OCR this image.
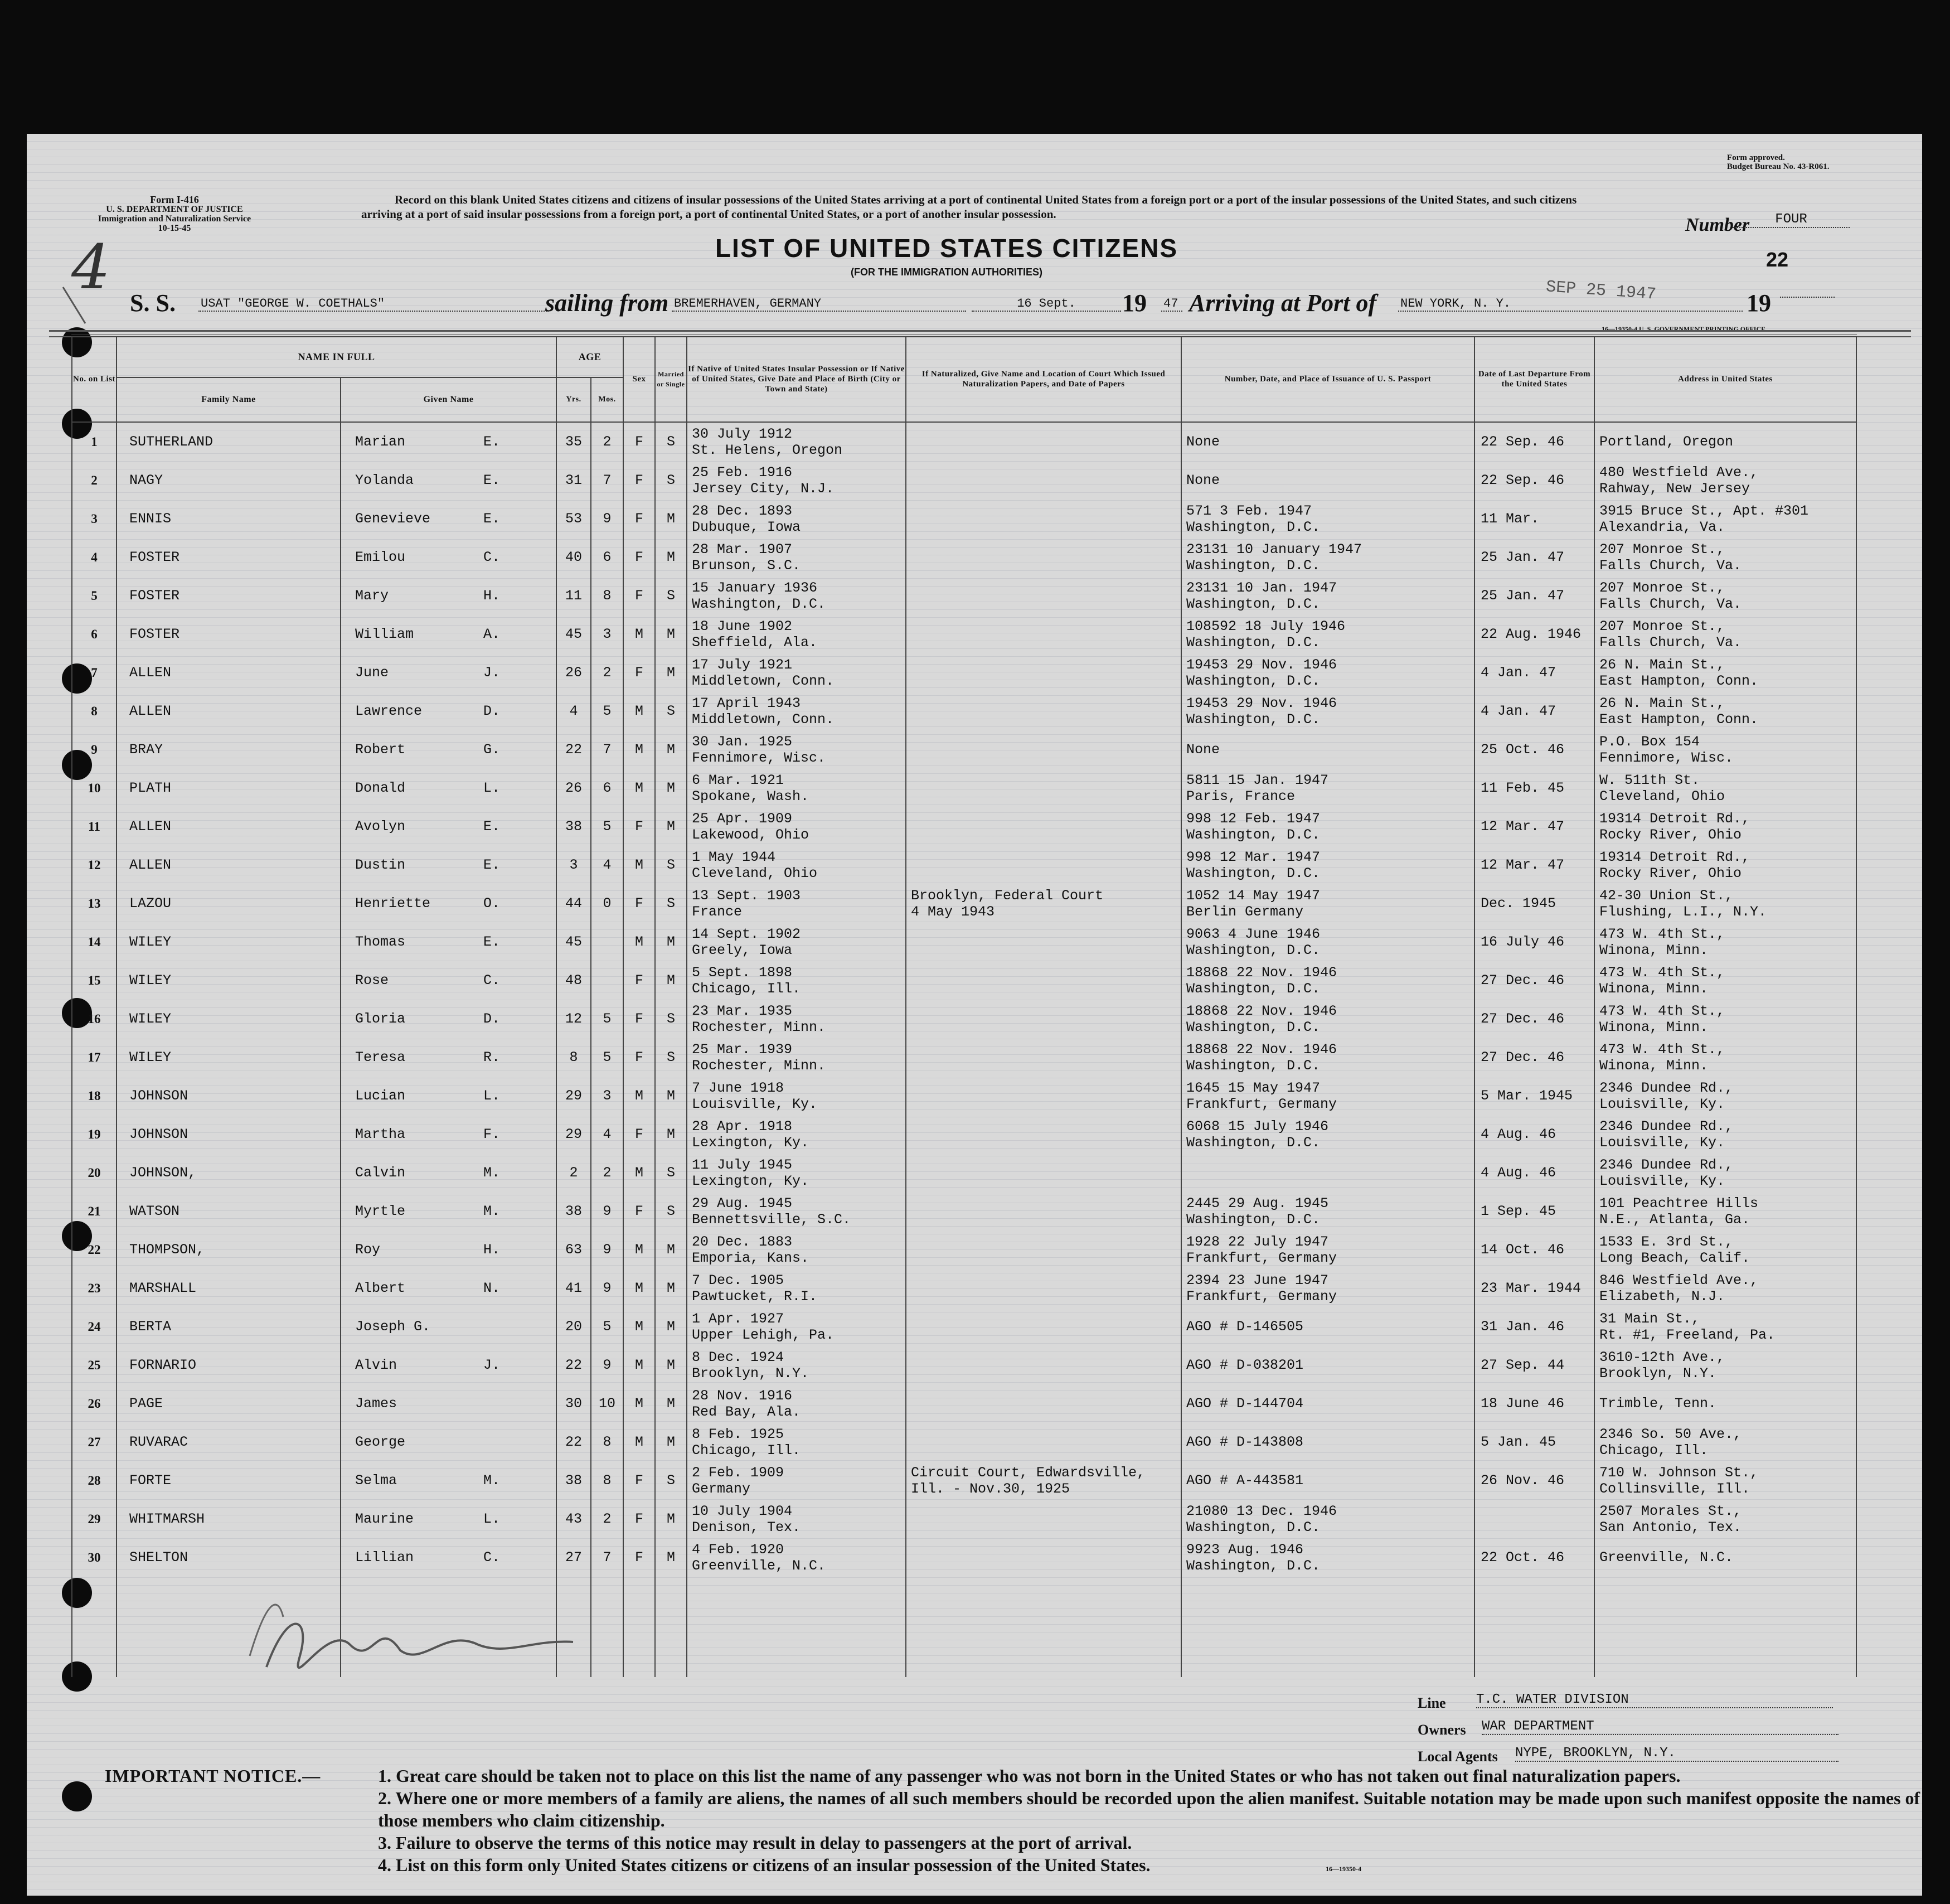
Form I-416
U. S. DEPARTMENT OF JUSTICE
Immigration and Naturalization Service
10-15-45
Form approved.
Budget Bureau No. 43-R061.
Record on this blank United States citizens and citizens of insular possessions of the United States arriving at a port of continental United States from a foreign port or a port of the insular possessions of the United States, and such citizens arriving at a port of said insular possessions from a foreign port, a port of continental United States, or a port of another insular possession.
4	LIST OF UNITED STATES CITIZENS
(FOR THE IMMIGRATION AUTHORITIES)
Number	FOUR
22
S. S. USAT "GEORGE W. COETHALS"	sailing from BREMERHAVEN, GERMANY	16 Sept.	19 47 Arriving at Port of NEW YORK, N. Y.	SEP 25 1947	19
16—19350-4 U. S. GOVERNMENT PRINTING OFFICE
No. on List	NAME IN FULL		AGE		Sex	Married or Single	If Native of United States Insular Possession or If Native of United States, Give Date and Place of Birth (City or Town and State)	If Naturalized, Give Name and Location of Court Which Issued Naturalization Papers, and Date of Papers	Number, Date, and Place of Issuance of U. S. Passport	Date of Last Departure From the United States	Address in United States
	Family Name	Given Name	Yrs.	Mos.							
1	SUTHERLAND	Marian E.	35	2	F	S	30 July 1912
St. Helens, Oregon		None	22 Sep. 46	Portland, Oregon

2	NAGY	Yolanda E.	31	7	F	S	25 Feb. 1916
Jersey City, N.J.		None	22 Sep. 46	480 Westfield Ave.,
Rahway, New Jersey

3	ENNIS	Genevieve E.	53	9	F	M	28 Dec. 1893
Dubuque, Iowa		571 3 Feb. 1947
Washington, D.C.	11 Mar.	3915 Bruce St., Apt. #301
Alexandria, Va.

4	FOSTER	Emilou C.	40	6	F	M	28 Mar. 1907
Brunson, S.C.		23131 10 January 1947
Washington, D.C.	25 Jan. 47	207 Monroe St.,
Falls Church, Va.

5	FOSTER	Mary H.	11	8	F	S	15 January 1936
Washington, D.C.		23131 10 Jan. 1947
Washington, D.C.	25 Jan. 47	207 Monroe St.,
Falls Church, Va.

6	FOSTER	William A.	45	3	M	M	18 June 1902
Sheffield, Ala.		108592 18 July 1946
Washington, D.C.	22 Aug. 1946	207 Monroe St.,
Falls Church, Va.

7	ALLEN	June J.	26	2	F	M	17 July 1921
Middletown, Conn.		19453 29 Nov. 1946
Washington, D.C.	4 Jan. 47	26 N. Main St.,
East Hampton, Conn.

8	ALLEN	Lawrence D.	4	5	M	S	17 April 1943
Middletown, Conn.		19453 29 Nov. 1946
Washington, D.C.	4 Jan. 47	26 N. Main St.,
East Hampton, Conn.

9	BRAY	Robert G.	22	7	M	M	30 Jan. 1925
Fennimore, Wisc.		None	25 Oct. 46	P.O. Box 154
Fennimore, Wisc.

10	PLATH	Donald L.	26	6	M	M	6 Mar. 1921
Spokane, Wash.		5811 15 Jan. 1947
Paris, France	11 Feb. 45	W. 511th St.
Cleveland, Ohio

11	ALLEN	Avolyn E.	38	5	F	M	25 Apr. 1909
Lakewood, Ohio		998 12 Feb. 1947
Washington, D.C.	12 Mar. 47	19314 Detroit Rd.,
Rocky River, Ohio

12	ALLEN	Dustin E.	3	4	M	S	1 May 1944
Cleveland, Ohio		998 12 Mar. 1947
Washington, D.C.	12 Mar. 47	19314 Detroit Rd.,
Rocky River, Ohio

13	LAZOU	Henriette O.	44	0	F	S	13 Sept. 1903
France	Brooklyn, Federal Court
4 May 1943	1052 14 May 1947
Berlin Germany	Dec. 1945	42-30 Union St.,
Flushing, L.I., N.Y.

14	WILEY	Thomas E.	45		M	M	14 Sept. 1902
Greely, Iowa		9063 4 June 1946
Washington, D.C.	16 July 46	473 W. 4th St.,
Winona, Minn.

15	WILEY	Rose C.	48		F	M	5 Sept. 1898
Chicago, Ill.		18868 22 Nov. 1946
Washington, D.C.	27 Dec. 46	473 W. 4th St.,
Winona, Minn.

16	WILEY	Gloria D.	12	5	F	S	23 Mar. 1935
Rochester, Minn.		18868 22 Nov. 1946
Washington, D.C.	27 Dec. 46	473 W. 4th St.,
Winona, Minn.

17	WILEY	Teresa R.	8	5	F	S	25 Mar. 1939
Rochester, Minn.		18868 22 Nov. 1946
Washington, D.C.	27 Dec. 46	473 W. 4th St.,
Winona, Minn.

18	JOHNSON	Lucian L.	29	3	M	M	7 June 1918
Louisville, Ky.		1645 15 May 1947
Frankfurt, Germany	5 Mar. 1945	2346 Dundee Rd.,
Louisville, Ky.

19	JOHNSON	Martha F.	29	4	F	M	28 Apr. 1918
Lexington, Ky.		6068 15 July 1946
Washington, D.C.	4 Aug. 46	2346 Dundee Rd.,
Louisville, Ky.

20	JOHNSON,	Calvin M.	2	2	M	S	11 July 1945
Lexington, Ky.			4 Aug. 46	2346 Dundee Rd.,
Louisville, Ky.

21	WATSON	Myrtle M.	38	9	F	S	29 Aug. 1945
Bennettsville, S.C.		2445 29 Aug. 1945
Washington, D.C.	1 Sep. 45	101 Peachtree Hills
N.E., Atlanta, Ga.

22	THOMPSON,	Roy H.	63	9	M	M	20 Dec. 1883
Emporia, Kans.		1928 22 July 1947
Frankfurt, Germany	14 Oct. 46	1533 E. 3rd St.,
Long Beach, Calif.

23	MARSHALL	Albert N.	41	9	M	M	7 Dec. 1905
Pawtucket, R.I.		2394 23 June 1947
Frankfurt, Germany	23 Mar. 1944	846 Westfield Ave.,
Elizabeth, N.J.

24	BERTA	Joseph G.	20	5	M	M	1 Apr. 1927
Upper Lehigh, Pa.		AGO # D-146505	31 Jan. 46	31 Main St.,
Rt. #1, Freeland, Pa.

25	FORNARIO	Alvin J.	22	9	M	M	8 Dec. 1924
Brooklyn, N.Y.		AGO # D-038201	27 Sep. 44	3610-12th Ave.,
Brooklyn, N.Y.

26	PAGE	James	30	10	M	M	28 Nov. 1916
Red Bay, Ala.		AGO # D-144704	18 June 46	Trimble, Tenn.

27	RUVARAC	George	22	8	M	M	8 Feb. 1925
Chicago, Ill.		AGO # D-143808	5 Jan. 45	2346 So. 50 Ave.,
Chicago, Ill.

28	FORTE	Selma M.	38	8	F	S	2 Feb. 1909
Germany	Circuit Court, Edwardsville,
Ill. - Nov.30, 1925	AGO # A-443581	26 Nov. 46	710 W. Johnson St.,
Collinsville, Ill.

29	WHITMARSH	Maurine L.	43	2	F	M	10 July 1904
Denison, Tex.		21080 13 Dec. 1946
Washington, D.C.		2507 Morales St.,
San Antonio, Tex.

30	SHELTON	Lillian C.	27	7	F	M	4 Feb. 1920
Greenville, N.C.		9923 Aug. 1946
Washington, D.C.	22 Oct. 46	Greenville, N.C.

Line T.C. WATER DIVISION
Owners WAR DEPARTMENT
Local Agents NYPE, BROOKLYN, N.Y.
IMPORTANT NOTICE.—	1. Great care should be taken not to place on this list the name of any passenger who was not born in the United States or who has not taken out final naturalization papers.
2. Where one or more members of a family are aliens, the names of all such members should be recorded upon the alien manifest. Suitable notation may be made upon such manifest opposite the names of those members who claim citizenship.
3. Failure to observe the terms of this notice may result in delay to passengers at the port of arrival.
4. List on this form only United States citizens or citizens of an insular possession of the United States.	16—19350-4
